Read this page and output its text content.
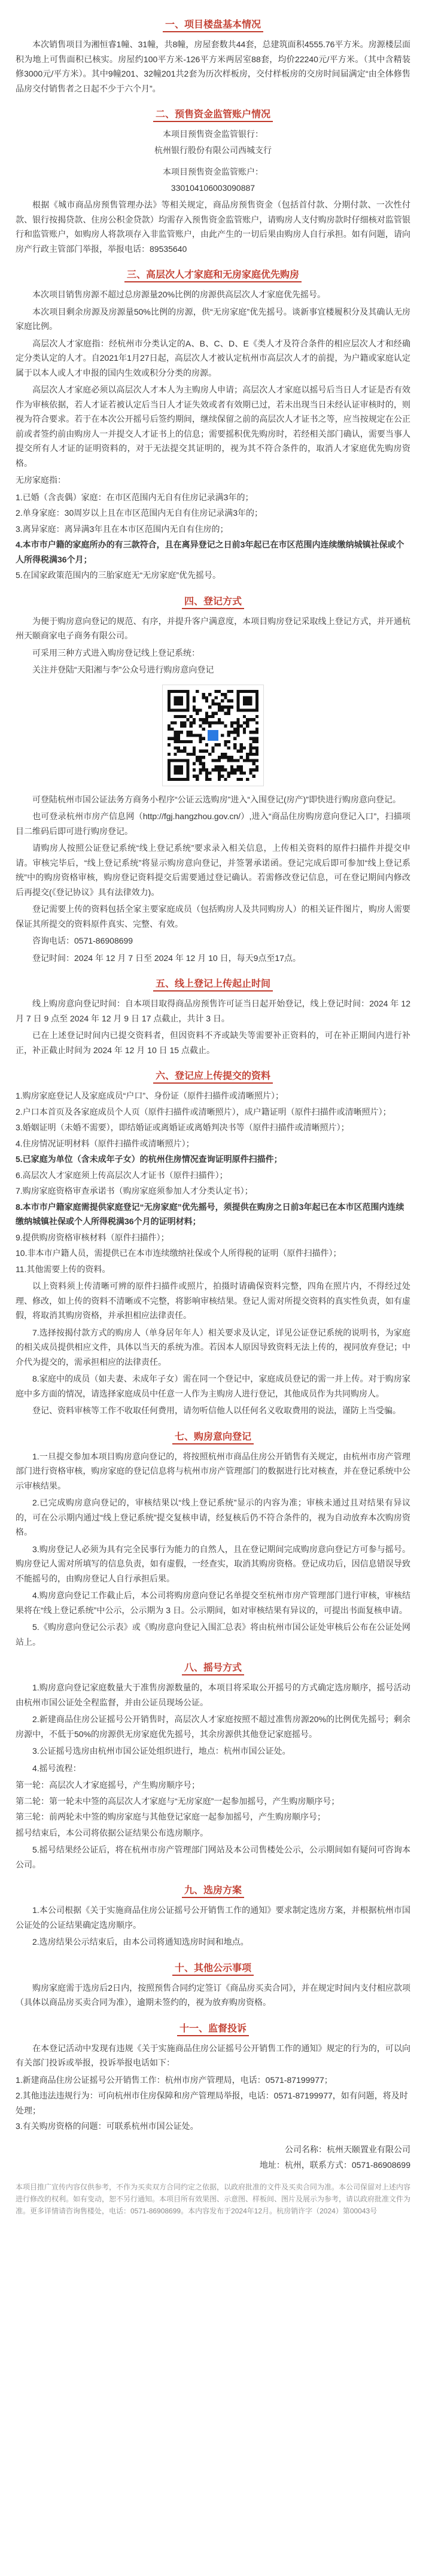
一、项目楼盘基本情况

本次销售项目为湘恒睿1幢、31幢，共8幢，房屋套数共44套，总建筑面积4555.76平方米。房源楼层面积为地上可售面积已核实。房屋约100平方米-126平方米两居室88套，均价22240元/平方米。（其中含精装修3000元/平方米）。其中9幢201、32幢201共2套为历次样板房，交付样板房的交房时间届满定“由全体修售品房交付销售者之日起不少于六个月”。

二、预售资金监管账户情况

本项目预售资金监管银行：

杭州银行股份有限公司西城支行

本项目预售资金监管账户：

330104106003090887

根据《城市商品房预售管理办法》等相关规定，商品房预售资金（包括首付款、分期付款、一次性付款、银行按揭贷款、住房公积金贷款）均需存入预售资金监管账户，请购房人支付购房款时仔细核对监管银行和监管账户，如购房人将款项存入非监管账户，由此产生的一切后果由购房人自行承担。如有问题，请向房产行政主管部门举报，举报电话：89535640

三、高层次人才家庭和无房家庭优先购房

本次项目销售房源不超过总房源量20%比例的房源供高层次人才家庭优先摇号。

本次项目剩余房源及房源量50%比例的房源，供“无房家庭”优先摇号。谈新事宜楼履积分及其确认无房家庭比例。

高层次人才家庭指：经杭州市分类认定的A、B、C、D、E《类人才及符合条件的相应层次人才和经确定分类认定的人才。自2021年1月27日起，高层次人才被认定杭州市高层次人才的前提，为户籍或家庭认定属于以本人或人才申报的国内生效或积分分类的房源。

高层次人才家庭必须以高层次人才本人为主购房人申请；高层次人才家庭以摇号后当日人才证是否有效作为审核依据，若人才证若被认定后当日人才证失效或者有效期已过，若未出现当日未经认证审核时的，则视为符合要求。若于在本次公开摇号后签约期间，继续保留之前的高层次人才证书之等，应当按规定在公正前或者签约前由购房人一并提交人才证书上的信息；需要摇积优先购房时，若经相关部门确认，需要当事人提交所有人才证的证明资料的，对于无法提交其证明的，视为其不符合条件的，取消人才家庭优先购房资格。

无房家庭指：

1.已婚（含丧偶）家庭：在市区范围内无自有住房记录满3年的；

2.单身家庭：30周岁以上且在市区范围内无自有住房记录满3年的；

3.离异家庭：离异满3年且在本市区范围内无自有住房的；

4.本市市户籍的家庭所办的有三款符合，且在离异登记之日前3年起已在市区范围内连续缴纳城镇社保或个人所得税满36个月；

5.在国家政策范围内的三胎家庭无“无房家庭”优先摇号。

四、登记方式

为便于购房意向登记的规范、有序，并提升客户满意度，本项目购房登记采取线上登记方式，并开通杭州天颐商家电子商务有限公司。

可采用三种方式进入购房登记线上登记系统：

关注并登陆“天阳湘与李”公众号进行购房意向登记

可登陆杭州市国公证法务方商务小程序“公证云选购房”进入“入围登记(房产)”即快进行购房意向登记。

也可登录杭州市房产信息网（http://fgj.hangzhou.gov.cn/）,进入“商品住房购房意向登记入口”，扫描项目二维码后即可进行购房登记。

请购房人按照公证登记系统“线上登记系统”要求录入相关信息，上传相关资料的原件扫描件并提交申请。审核完毕后，“线上登记系统”将显示购房意向登记，并签署承诺函。登记完成后即可参加“线上登记系统”中的购房资格审核，购房登记资料提交后需要通过登记确认。若需修改登记信息，可在登记期间内修改后再提交(《登记协议》具有法律效力)。

登记需要上传的资料包括全家主要家庭成员（包括购房人及共同购房人）的相关证件图片，购房人需要保证其所提交的资料原件真实、完整、有效。

咨询电话：0571-86908699

登记时间：2024 年 12 月 7 日至 2024 年 12 月 10 日，每天9点至17点。

五、线上登记上传起止时间

线上购房意向登记时间：自本项目取得商品房预售许可证当日起开始登记，线上登记时间：2024 年 12 月 7 日 9 点至 2024 年 12 月 9 日 17 点截止，共计 3 日。

已在上述登记时间内已提交资料者，但因资料不齐或缺失等需要补正资料的，可在补正期间内进行补正，补正截止时间为 2024 年 12 月 10 日 15 点截止。

六、登记应上传提交的资料

1.购房家庭登记人及家庭成员“户口”、身份证（原件扫描件或清晰照片）；

2.户口本首页及各家庭成员个人页（原件扫描件或清晰照片），成户籍证明（原件扫描件或清晰照片）；

3.婚姻证明（未婚不需要），即结婚证或离婚证或离婚判决书等（原件扫描件或清晰照片）；

4.住房情况证明材料（原件扫描件或清晰照片）；

5.已家庭为单位（含未成年子女）的杭州住房情况查询证明原件扫描件；

6.高层次人才家庭须上传高层次人才证书（原件扫描件）；

7.购房家庭资格审查承诺书（购房家庭须参加人才分类认定书）；

8.本市市户籍家庭需提供家庭登记“无房家庭”优先摇号，须提供在购房之日前3年起已在本市区范围内连续缴纳城镇社保或个人所得税满36个月的证明材料；

9.提供购房资格审核材料（原件扫描件）；

10.非本市户籍人员，需提供已在本市连续缴纳社保或个人所得税的证明（原件扫描件）；

11.其他需要上传的资料。

以上资料须上传清晰可辨的原件扫描件或照片，拍摄时请确保资料完整，四角在照片内，不得经过处理、修改，如上传的资料不清晰或不完整，将影响审核结果。登记人需对所提交资料的真实性负责，如有虚假，将取消其购房资格，并承担相应法律责任。

7.选择按揭付款方式的购房人（单身居年年人）相关要求及认定，详见公证登记系统的说明书，为家庭的相关成员提供相应文件，具体以当天的系统为准。若因本人原因导致资料无法上传的，视同放弃登记；中介代为提交的，需承担相应的法律责任。

8.家庭中的成员（如夫妻、未成年子女）需在同一个登记中，家庭成员登记的需一并上传。对于购房家庭中多方面的情况，请选择家庭成员中任意一人作为主购房人进行登记，其他成员作为共同购房人。

登记、资料审核等工作不收取任何费用，请勿听信他人以任何名义收取费用的说法，谨防上当受骗。

七、购房意向登记

1.一旦提交参加本项目购房意向登记的，将按照杭州市商品住房公开销售有关规定，由杭州市房产管理部门进行资格审核，购房家庭的登记信息将与杭州市房产管理部门的数据进行比对核查，并在登记系统中公示审核结果。

2.已完成购房意向登记的，审核结果以“线上登记系统”显示的内容为准；审核未通过且对结果有异议的，可在公示期内通过“线上登记系统”提交复核申请，经复核后仍不符合条件的，视为自动放弃本次购房资格。

3.购房登记人必须为具有完全民事行为能力的自然人，且在登记期间完成购房意向登记方可参与摇号。购房登记人需对所填写的信息负责，如有虚假，一经查实，取消其购房资格。登记成功后，因信息错误导致不能摇号的，由购房登记人自行承担后果。

4.购房意向登记工作截止后，本公司将购房意向登记名单提交至杭州市房产管理部门进行审核，审核结果将在“线上登记系统”中公示，公示期为 3 日。公示期间，如对审核结果有异议的，可提出书面复核申请。

5.《购房意向登记公示表》或《购房意向登记入围汇总表》将由杭州市国公证处审核后公布在公证处网站上。

八、摇号方式

1.购房意向登记家庭数量大于准售房源数量的，本项目将采取公开摇号的方式确定选房顺序，摇号活动由杭州市国公证处全程监督，并由公证员现场公证。

2.新建商品住房公证摇号公开销售时，高层次人才家庭按照不超过准售房源20%的比例优先摇号；剩余房源中，不低于50%的房源供无房家庭优先摇号，其余房源供其他登记家庭摇号。

3.公证摇号选房由杭州市国公证处组织进行，地点：杭州市国公证处。

4.摇号流程：

第一轮：高层次人才家庭摇号，产生购房顺序号；

第二轮：第一轮未中签的高层次人才家庭与“无房家庭”一起参加摇号，产生购房顺序号；

第三轮：前两轮未中签的购房家庭与其他登记家庭一起参加摇号，产生购房顺序号；

摇号结束后，本公司将依据公证结果公布选房顺序。

5.摇号结果经公证后，将在杭州市房产管理部门网站及本公司售楼处公示，公示期间如有疑问可咨询本公司。

九、选房方案

1.本公司根据《关于实施商品住房公证摇号公开销售工作的通知》要求制定选房方案，并根据杭州市国公证处的公证结果确定选房顺序。

2.选房结果公示结束后，由本公司将通知选房时间和地点。

十、其他公示事项

购房家庭需于选房后2日内，按照预售合同约定签订《商品房买卖合同》，并在规定时间内支付相应款项（具体以商品房买卖合同为准），逾期未签约的，视为放弃购房资格。

十一、监督投诉

在本登记活动中发现有违规《关于实施商品住房公证摇号公开销售工作的通知》规定的行为的，可以向有关部门投诉或举报，投诉举报电话如下：

1.新建商品住房公证摇号公开销售工作：杭州市房产管理局，电话：0571-87199977；

2.其他违法违规行为：可向杭州市住房保障和房产管理局举报，电话：0571-87199977，如有问题，将及时处理；

3.有关购房资格的问题：可联系杭州市国公证处。

公司名称：杭州天颐置业有限公司

地址：杭州，联系方式：0571-86908699

本项目推广宣传内容仅供参考，不作为买卖双方合同约定之依据，以政府批准的文件及买卖合同为准。本公司保留对上述内容进行修改的权利。如有变动，恕不另行通知。本项目所有效果图、示意图、样板间、图片及展示为参考，请以政府批准文件为准。更多详情请咨询售楼处，电话：0571-86908699。本内容发布于2024年12月。杭房销许字（2024）第00043号
